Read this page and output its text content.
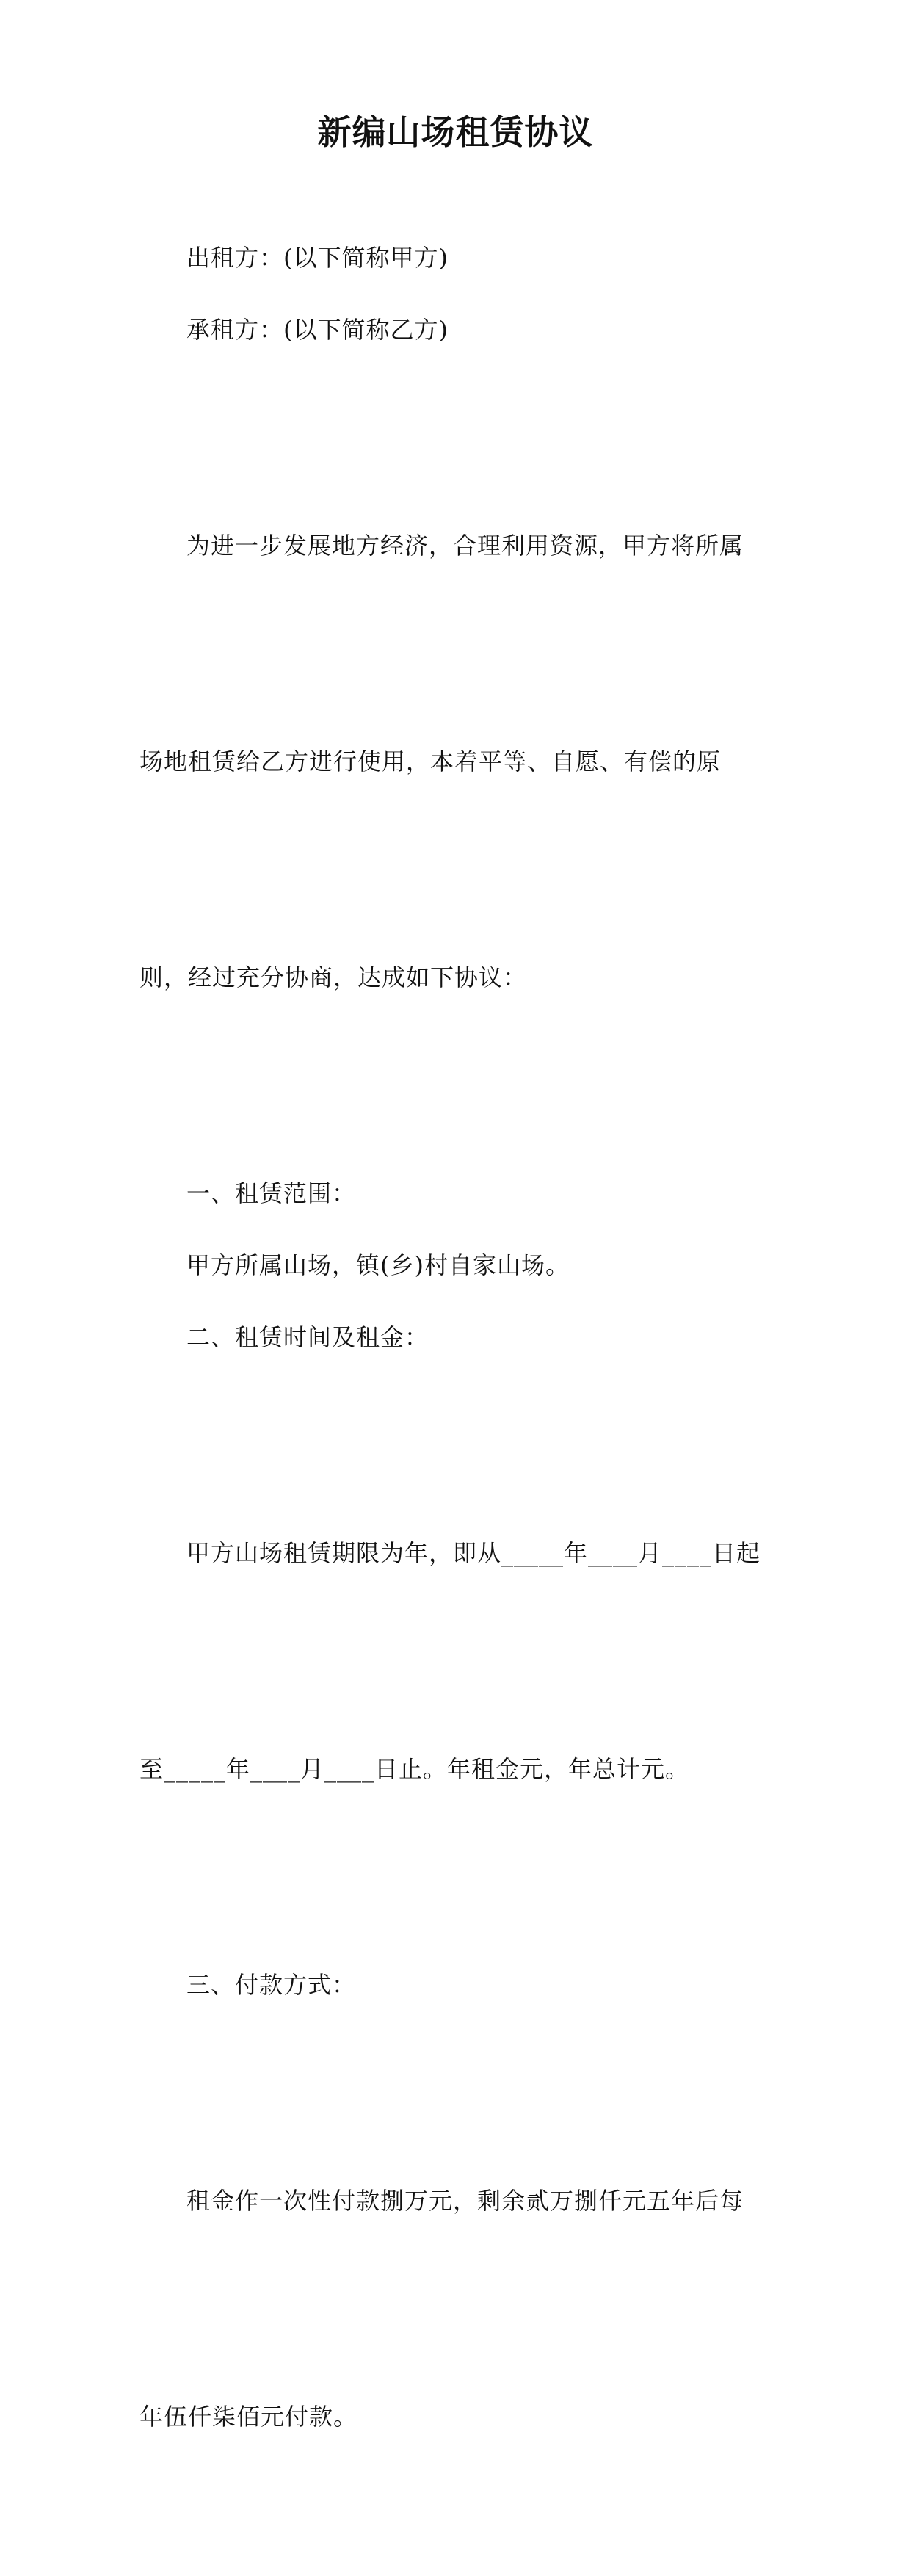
新编山场租赁协议

出租方：(以下简称甲方)

承租方：(以下简称乙方)

为进一步发展地方经济，合理利用资源，甲方将所属

场地租赁给乙方进行使用，本着平等、自愿、有偿的原

则，经过充分协商，达成如下协议：

一、租赁范围：

甲方所属山场，镇(乡)村自家山场。

二、租赁时间及租金：

甲方山场租赁期限为年，即从_____年____月____日起

至_____年____月____日止。年租金元，年总计元。

三、付款方式：

租金作一次性付款捌万元，剩余贰万捌仟元五年后每

年伍仟柒佰元付款。
